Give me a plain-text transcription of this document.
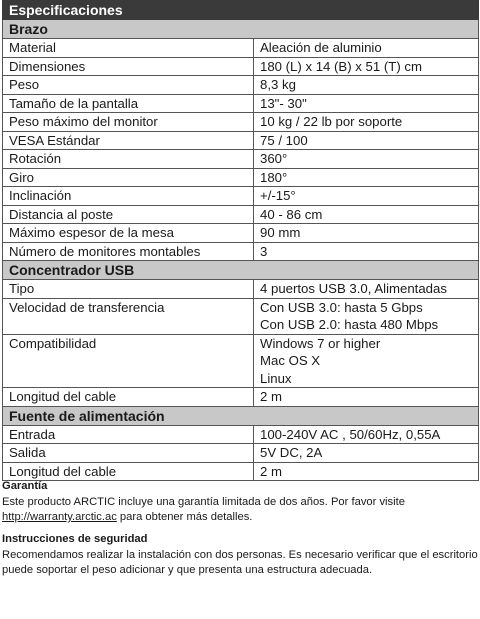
Especificaciones	
Brazo	
Material	Aleación de aluminio
Dimensiones	180 (L) x 14 (B) x 51 (T) cm
Peso	8,3 kg
Tamaño de la pantalla	13"- 30"
Peso máximo del monitor	10 kg / 22 lb por soporte
VESA Estándar	75 / 100
Rotación	360°
Giro	180°
Inclinación	+/-15°
Distancia al poste	40 - 86 cm
Máximo espesor de la mesa	90 mm
Número de monitores montables	3
Concentrador USB	
Tipo	4 puertos USB 3.0, Alimentadas
Velocidad de transferencia	Con USB 3.0: hasta 5 Gbps
Con USB 2.0: hasta 480 Mbps

Compatibilidad	Windows 7 or higher
Mac OS X
Linux

Longitud del cable	2 m
Fuente de alimentación	
Entrada	100-240V AC , 50/60Hz, 0,55A
Salida	5V DC, 2A
Longitud del cable	2 m
Garantía
Este producto ARCTIC incluye una garantía limitada de dos años. Por favor visite
http://warranty.arctic.ac para obtener más detalles.
Instrucciones de seguridad
Recomendamos realizar la instalación con dos personas. Es necesario verificar que el escritorio puede soportar el peso adicionar y que presenta una estructura adecuada.
